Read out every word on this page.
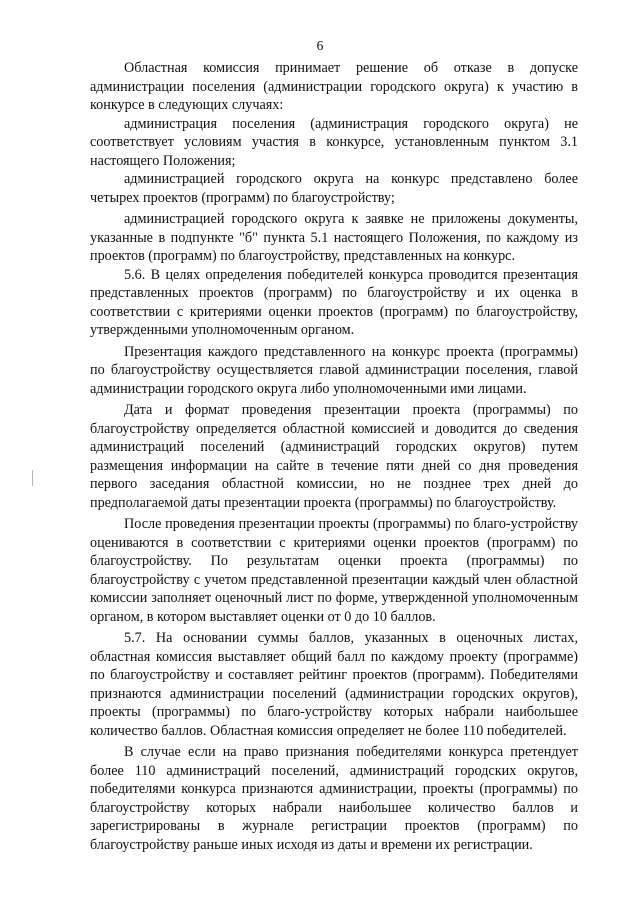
6

Областная комиссия принимает решение об отказе в допуске администрации поселения (администрации городского округа) к участию в конкурсе в следующих случаях:

администрация поселения (администрация городского округа) не соответствует условиям участия в конкурсе, установленным пунктом 3.1 настоящего Положения;

администрацией городского округа на конкурс представлено более четырех проектов (программ) по благоустройству;

администрацией городского округа к заявке не приложены документы, указанные в подпункте "б" пункта 5.1 настоящего Положения, по каждому из проектов (программ) по благоустройству, представленных на конкурс.

5.6. В целях определения победителей конкурса проводится презентация представленных проектов (программ) по благоустройству и их оценка в соответствии с критериями оценки проектов (программ) по благоустройству, утвержденными уполномоченным органом.

Презентация каждого представленного на конкурс проекта (программы) по благоустройству осуществляется главой администрации поселения, главой администрации городского округа либо уполномоченными ими лицами.

Дата и формат проведения презентации проекта (программы) по благоустройству определяется областной комиссией и доводится до сведения администраций поселений (администраций городских округов) путем размещения информации на сайте в течение пяти дней со дня проведения первого заседания областной комиссии, но не позднее трех дней до предполагаемой даты презентации проекта (программы) по благоустройству.

После проведения презентации проекты (программы) по благо-устройству оцениваются в соответствии с критериями оценки проектов (программ) по благоустройству. По результатам оценки проекта (программы) по благоустройству с учетом представленной презентации каждый член областной комиссии заполняет оценочный лист по форме, утвержденной уполномоченным органом, в котором выставляет оценки от 0 до 10 баллов.

5.7. На основании суммы баллов, указанных в оценочных листах, областная комиссия выставляет общий балл по каждому проекту (программе) по благоустройству и составляет рейтинг проектов (программ). Победителями признаются администрации поселений (администрации городских округов), проекты (программы) по благо-устройству которых набрали наибольшее количество баллов. Областная комиссия определяет не более 110 победителей.

В случае если на право признания победителями конкурса претендует более 110 администраций поселений, администраций городских округов, победителями конкурса признаются администрации, проекты (программы) по благоустройству которых набрали наибольшее количество баллов и зарегистрированы в журнале регистрации проектов (программ) по благоустройству раньше иных исходя из даты и времени их регистрации.
